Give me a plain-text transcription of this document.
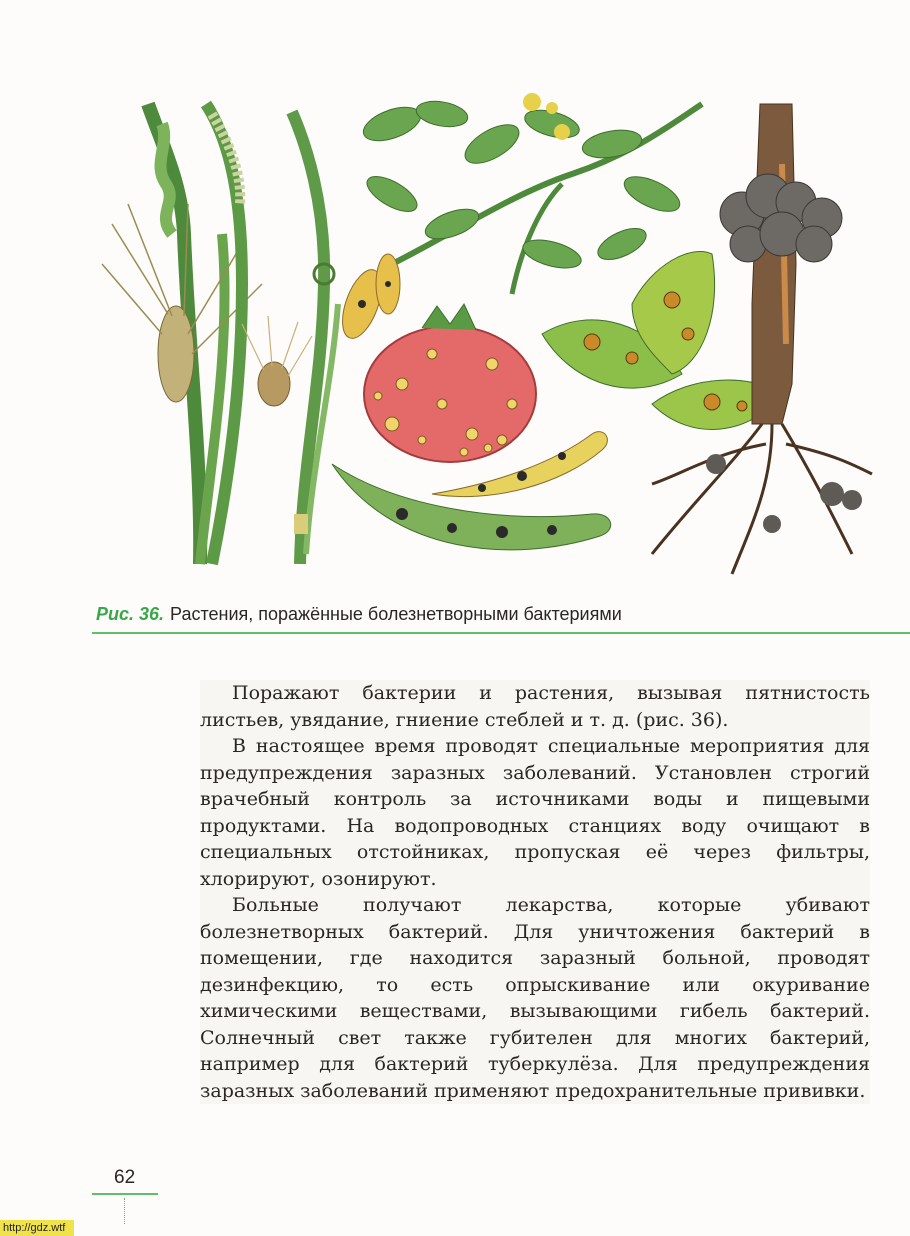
Рис. 36. Растения, поражённые болезнетворными бактериями

Поражают бактерии и растения, вызывая пятнистость листьев, увядание, гниение стеблей и т. д. (рис. 36).

В настоящее время проводят специальные мероприятия для предупреждения заразных заболеваний. Установлен строгий врачебный контроль за источниками воды и пищевыми продуктами. На водопроводных станциях воду очищают в специальных отстойниках, пропуская её через фильтры, хлорируют, озонируют.

Больные получают лекарства, которые убивают болезнетворных бактерий. Для уничтожения бактерий в помещении, где находится заразный больной, проводят дезинфекцию, то есть опрыскивание или окуривание химическими веществами, вызывающими гибель бактерий. Солнечный свет также губителен для многих бактерий, например для бактерий туберкулёза. Для предупреждения заразных заболеваний применяют предохранительные прививки.

62
http://gdz.wtf
